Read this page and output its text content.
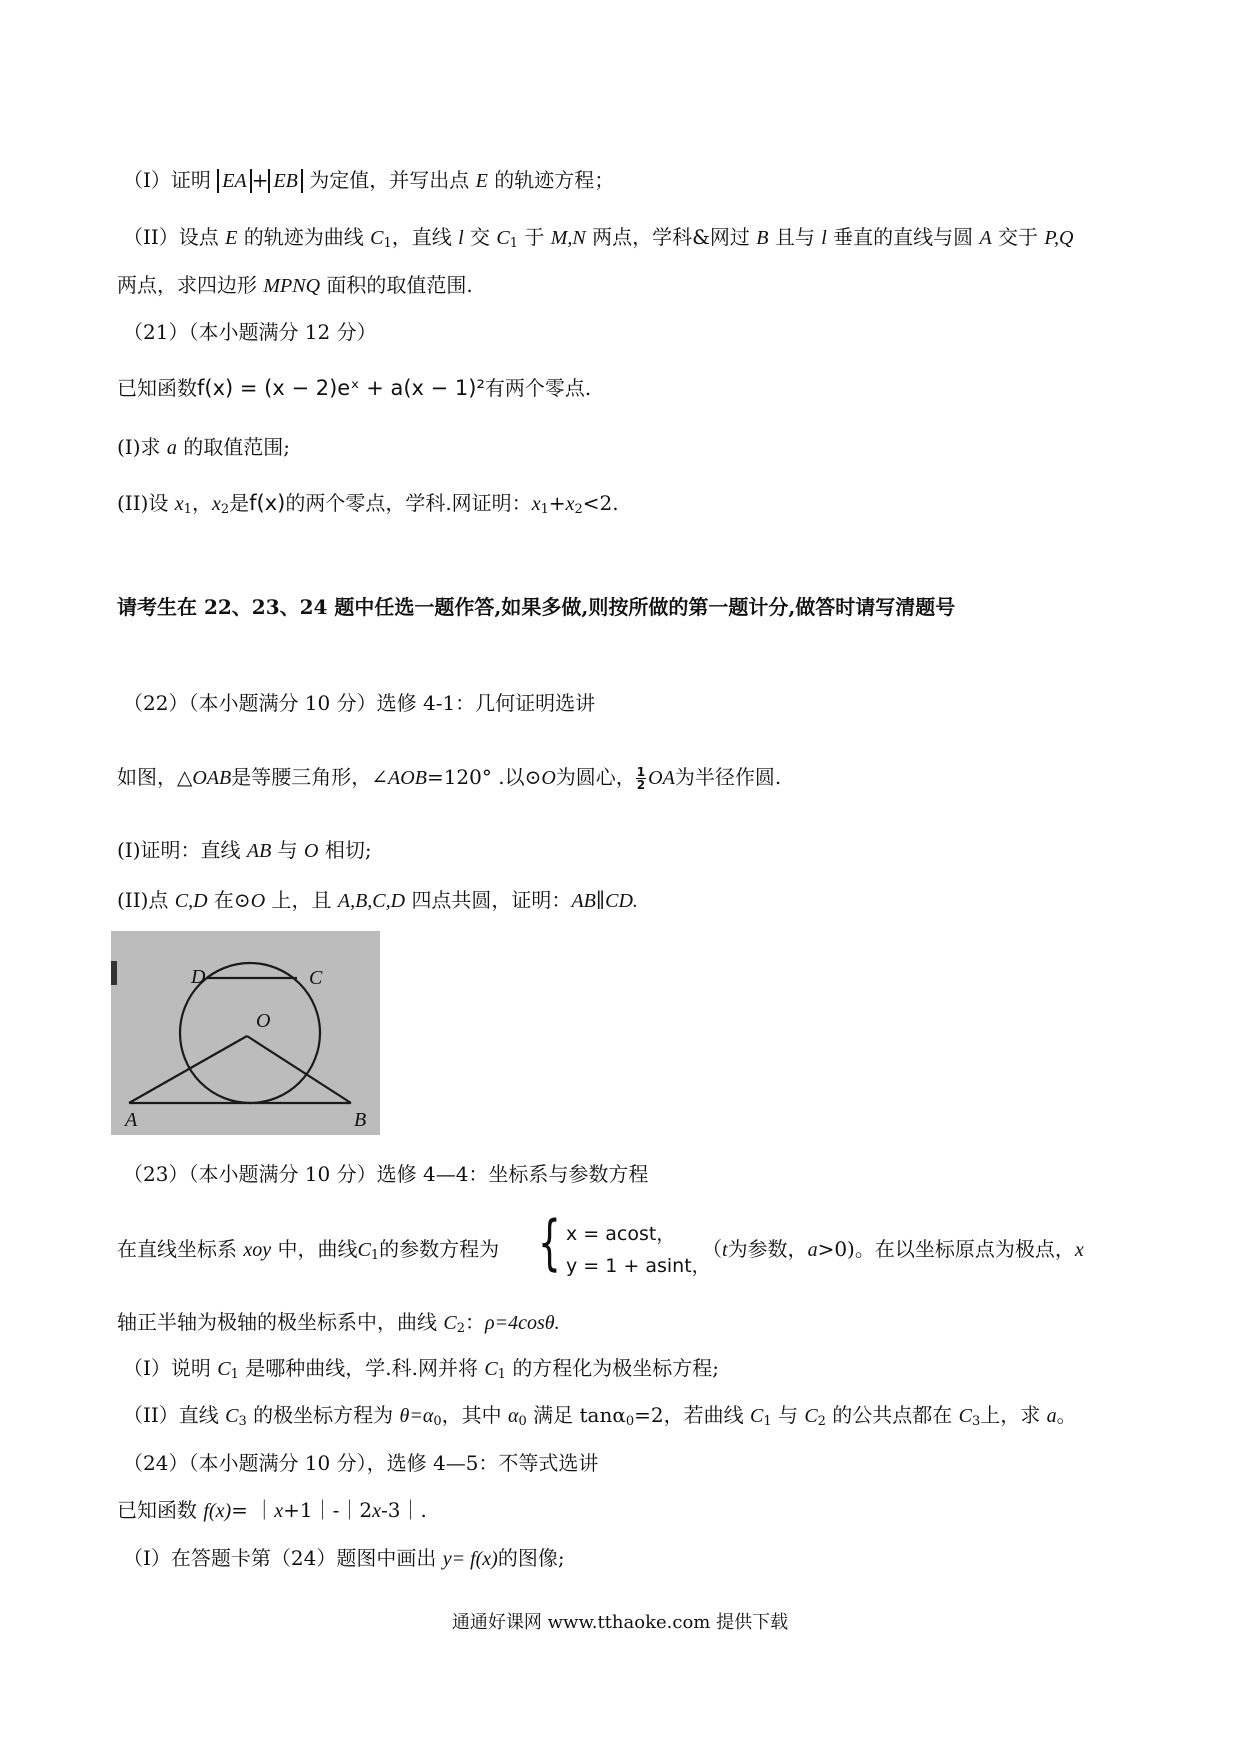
（I）证明 EA + EB 为定值，并写出点 E 的轨迹方程；
（II）设点 E 的轨迹为曲线 $C_1$，直线 l 交 $C_1$ 于 M,N 两点，学科&网过 B 且与 l 垂直的直线与圆 A 交于 P,Q
两点，求四边形 MPNQ 面积的取值范围.
（21）（本小题满分 12 分）
已知函数f(x) = (x − 2)eˣ + a(x − 1)²有两个零点.
(I)求 a 的取值范围;
(II)设 $x_1$，$x_2$是f(x)的两个零点，学科.网证明：$x_1+x_2<2$.
请考生在 22、23、24 题中任选一题作答,如果多做,则按所做的第一题计分,做答时请写清题号
（22）（本小题满分 10 分）选修 4-1：几何证明选讲
如图，△OAB是等腰三角形，∠AOB=120° .以⊙O为圆心， $\frac{1}{2}$ OA为半径作圆.
(I)证明：直线 AB 与 O 相切;
(II)点 C,D 在⊙O 上，且 A,B,C,D 四点共圆，证明：AB∥CD.
D	C
O
A	B
（23）（本小题满分 10 分）选修 4—4：坐标系与参数方程
在直线坐标系 xoy 中，曲线$C_1$的参数方程为 { x = acost，
y = 1 + asint，
（t为参数，a>0)。在以坐标原点为极点，x
轴正半轴为极轴的极坐标系中，曲线 $C_2$：ρ=4cosθ.
（I）说明 $C_1$ 是哪种曲线，学.科.网并将 $C_1$ 的方程化为极坐标方程;
（II）直线 $C_3$ 的极坐标方程为 $\theta=\alpha_0$，其中 $\alpha_0$ 满足 tanα$_0$=2，若曲线 $C_1$ 与 $C_2$ 的公共点都在 $C_3$上，求 a。
（24）（本小题满分 10 分），选修 4—5：不等式选讲
已知函数 f(x)= ｜x+1｜-｜2x-3｜.
（I）在答题卡第（24）题图中画出 y= f(x)的图像;
通通好课网 www.tthaoke.com 提供下载
